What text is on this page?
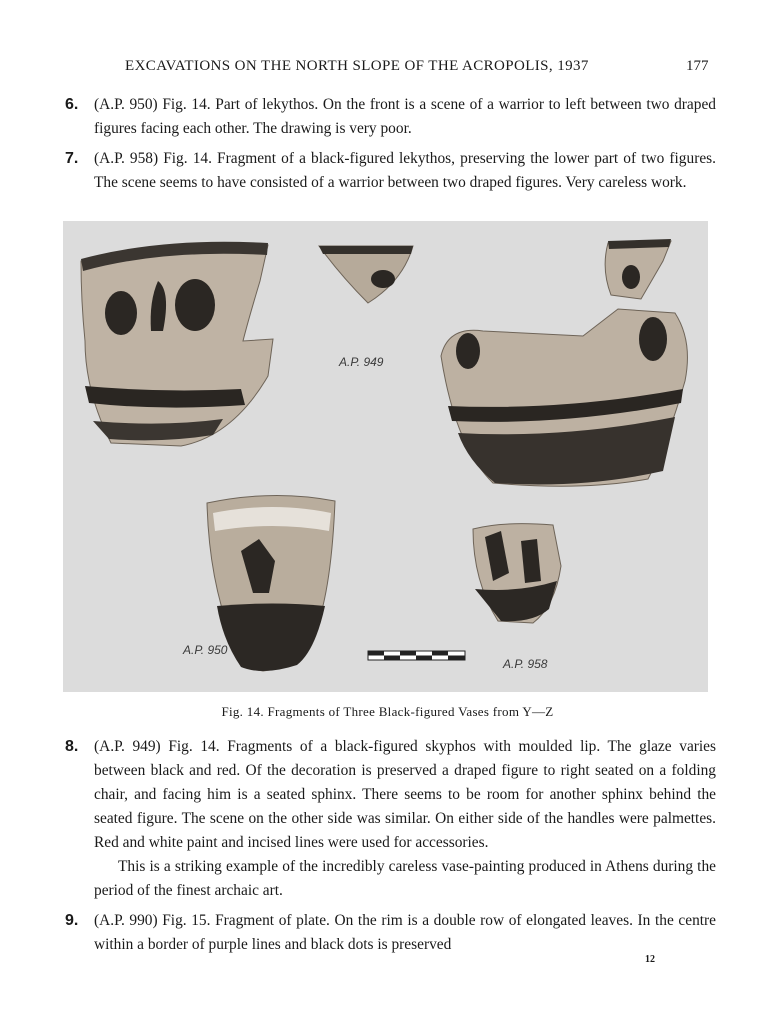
EXCAVATIONS ON THE NORTH SLOPE OF THE ACROPOLIS, 1937	177
6. (A.P. 950) Fig. 14. Part of lekythos. On the front is a scene of a warrior to left between two draped figures facing each other. The drawing is very poor.

7. (A.P. 958) Fig. 14. Fragment of a black-figured lekythos, preserving the lower part of two figures. The scene seems to have consisted of a warrior between two draped figures. Very careless work.

A.P. 949
A.P. 950
A.P. 958
Fig. 14. Fragments of Three Black-figured Vases from Y—Z
8. (A.P. 949) Fig. 14. Fragments of a black-figured skyphos with moulded lip. The glaze varies between black and red. Of the decoration is preserved a draped figure to right seated on a folding chair, and facing him is a seated sphinx. There seems to be room for another sphinx behind the seated figure. The scene on the other side was similar. On either side of the handles were palmettes. Red and white paint and incised lines were used for accessories.

This is a striking example of the incredibly careless vase-painting produced in Athens during the period of the finest archaic art.

9. (A.P. 990) Fig. 15. Fragment of plate. On the rim is a double row of elongated leaves. In the centre within a border of purple lines and black dots is preserved

12
